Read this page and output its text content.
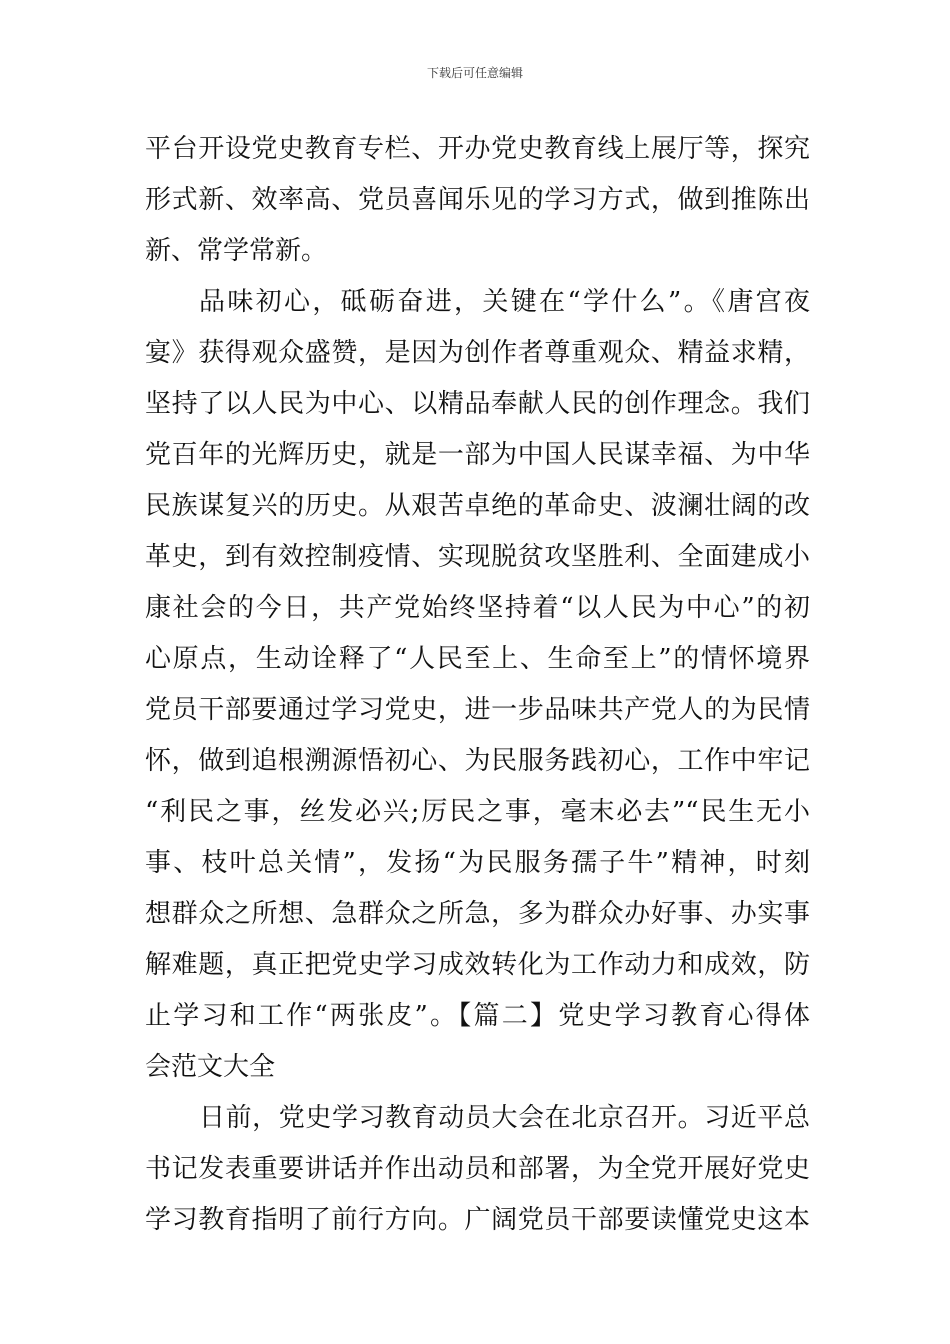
下载后可任意编辑
平台开设党史教育专栏、开办党史教育线上展厅等，探究
形式新、效率高、党员喜闻乐见的学习方式，做到推陈出
新、常学常新。
品味初心，砥砺奋进，关键在“学什么”。《唐宫夜
宴》获得观众盛赞，是因为创作者尊重观众、精益求精，
坚持了以人民为中心、以精品奉献人民的创作理念。我们
党百年的光辉历史，就是一部为中国人民谋幸福、为中华
民族谋复兴的历史。从艰苦卓绝的革命史、波澜壮阔的改
革史，到有效控制疫情、实现脱贫攻坚胜利、全面建成小
康社会的今日，共产党始终坚持着“以人民为中心”的初
心原点，生动诠释了“人民至上、生命至上”的情怀境界
党员干部要通过学习党史，进一步品味共产党人的为民情
怀，做到追根溯源悟初心、为民服务践初心，工作中牢记
“利民之事，丝发必兴;厉民之事，毫末必去”“民生无小
事、枝叶总关情”，发扬“为民服务孺子牛”精神，时刻
想群众之所想、急群众之所急，多为群众办好事、办实事
解难题，真正把党史学习成效转化为工作动力和成效，防
止学习和工作“两张皮”。【篇二】党史学习教育心得体
会范文大全
日前，党史学习教育动员大会在北京召开。习近平总
书记发表重要讲话并作出动员和部署，为全党开展好党史
学习教育指明了前行方向。广阔党员干部要读懂党史这本
